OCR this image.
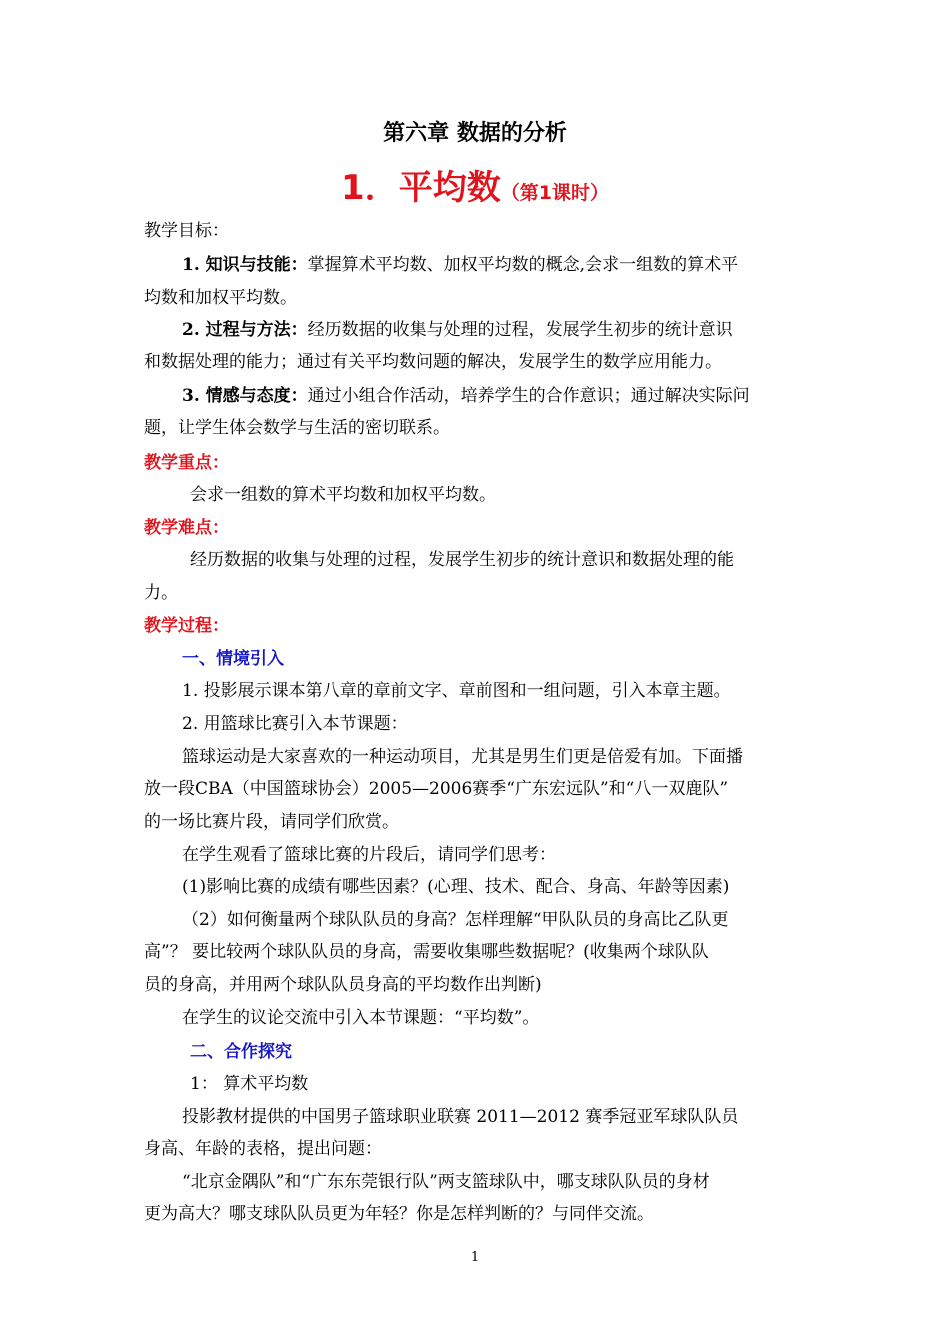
第六章 数据的分析
1．平均数（第1课时）
教学目标：
1. 知识与技能：掌握算术平均数、加权平均数的概念,会求一组数的算术平
均数和加权平均数。
2. 过程与方法：经历数据的收集与处理的过程，发展学生初步的统计意识
和数据处理的能力；通过有关平均数问题的解决，发展学生的数学应用能力。
3. 情感与态度：通过小组合作活动，培养学生的合作意识；通过解决实际问
题，让学生体会数学与生活的密切联系。
教学重点：
会求一组数的算术平均数和加权平均数。
教学难点：
经历数据的收集与处理的过程，发展学生初步的统计意识和数据处理的能
力。
教学过程：
一、情境引入
1. 投影展示课本第八章的章前文字、章前图和一组问题，引入本章主题。
2. 用篮球比赛引入本节课题：
篮球运动是大家喜欢的一种运动项目，尤其是男生们更是倍爱有加。下面播
放一段CBA（中国篮球协会）2005—2006赛季“广东宏远队”和“八一双鹿队”
的一场比赛片段，请同学们欣赏。
在学生观看了篮球比赛的片段后，请同学们思考：
(1)影响比赛的成绩有哪些因素？(心理、技术、配合、身高、年龄等因素)
（2）如何衡量两个球队队员的身高？怎样理解“甲队队员的身高比乙队更
高”？ 要比较两个球队队员的身高，需要收集哪些数据呢？(收集两个球队队
员的身高，并用两个球队队员身高的平均数作出判断)
在学生的议论交流中引入本节课题：“平均数”。
二、合作探究
1： 算术平均数
投影教材提供的中国男子篮球职业联赛 2011—2012 赛季冠亚军球队队员
身高、年龄的表格，提出问题：
“北京金隅队”和“广东东莞银行队”两支篮球队中，哪支球队队员的身材
更为高大？哪支球队队员更为年轻？你是怎样判断的？与同伴交流。
1
